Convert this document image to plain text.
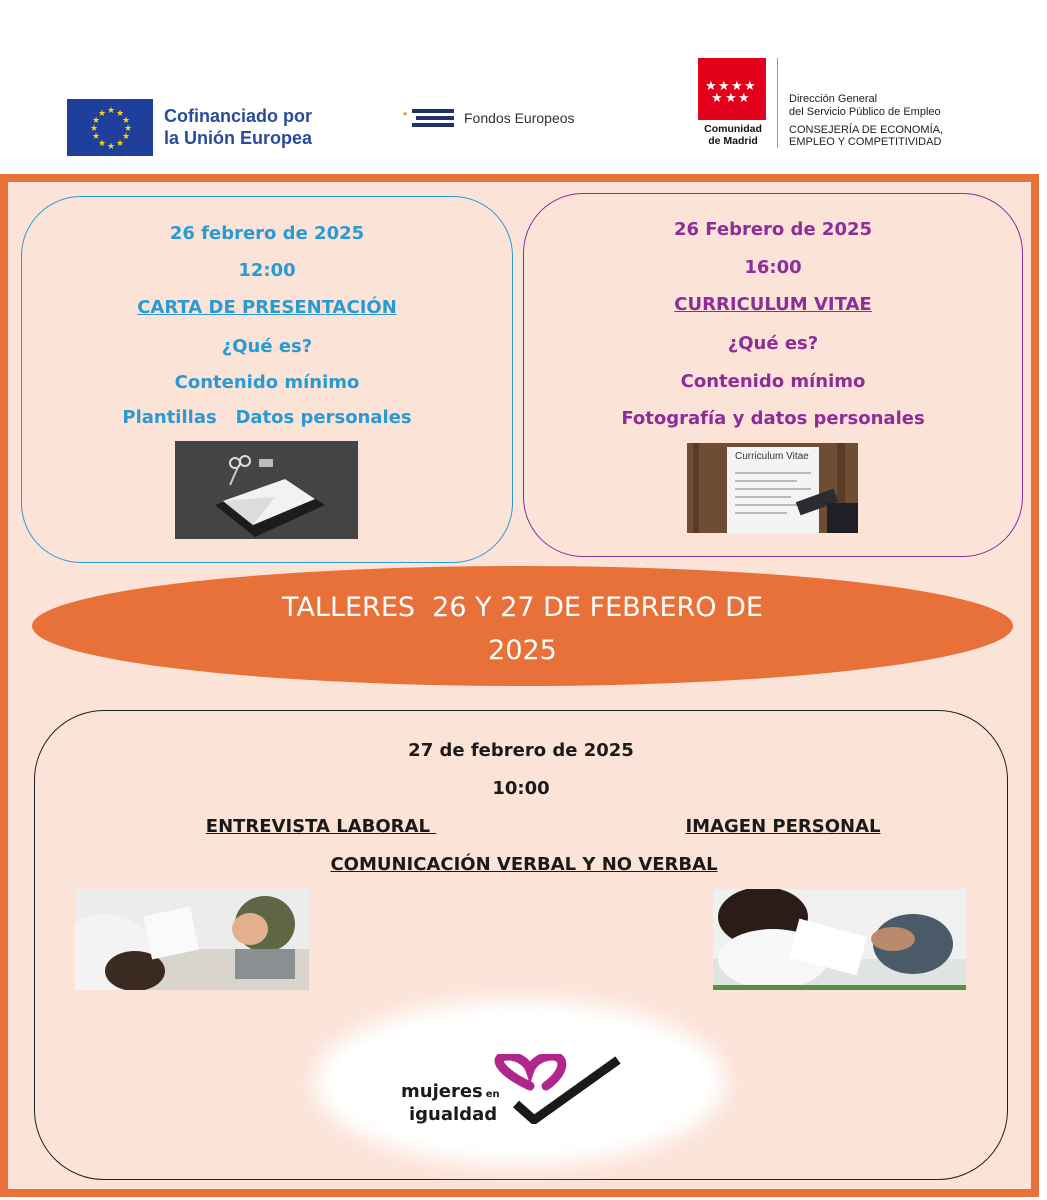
★ ★
★
★
★
★
★
★
★
★
★
★	Cofinanciado por
la Unión Europea
★	Fondos Europeos
★ ★ ★ ★
★ ★ ★
Comunidad
de Madrid
Dirección General
del Servicio Público de Empleo
CONSEJERÍA DE ECONOMÍA,
EMPLEO Y COMPETITIVIDAD
26 febrero de 2025
12:00
CARTA DE PRESENTACIÓN
¿Qué es?
Contenido mínimo
Plantillas   Datos personales
26 Febrero de 2025
16:00
CURRICULUM VITAE
¿Qué es?
Contenido mínimo
Fotografía y datos personales
Curriculum Vitae
TALLERES  26 Y 27 DE FEBRERO DE
2025
27 de febrero de 2025
10:00
ENTREVISTA LABORAL	IMAGEN PERSONAL
COMUNICACIÓN VERBAL Y NO VERBAL
mujeres en
igualdad
